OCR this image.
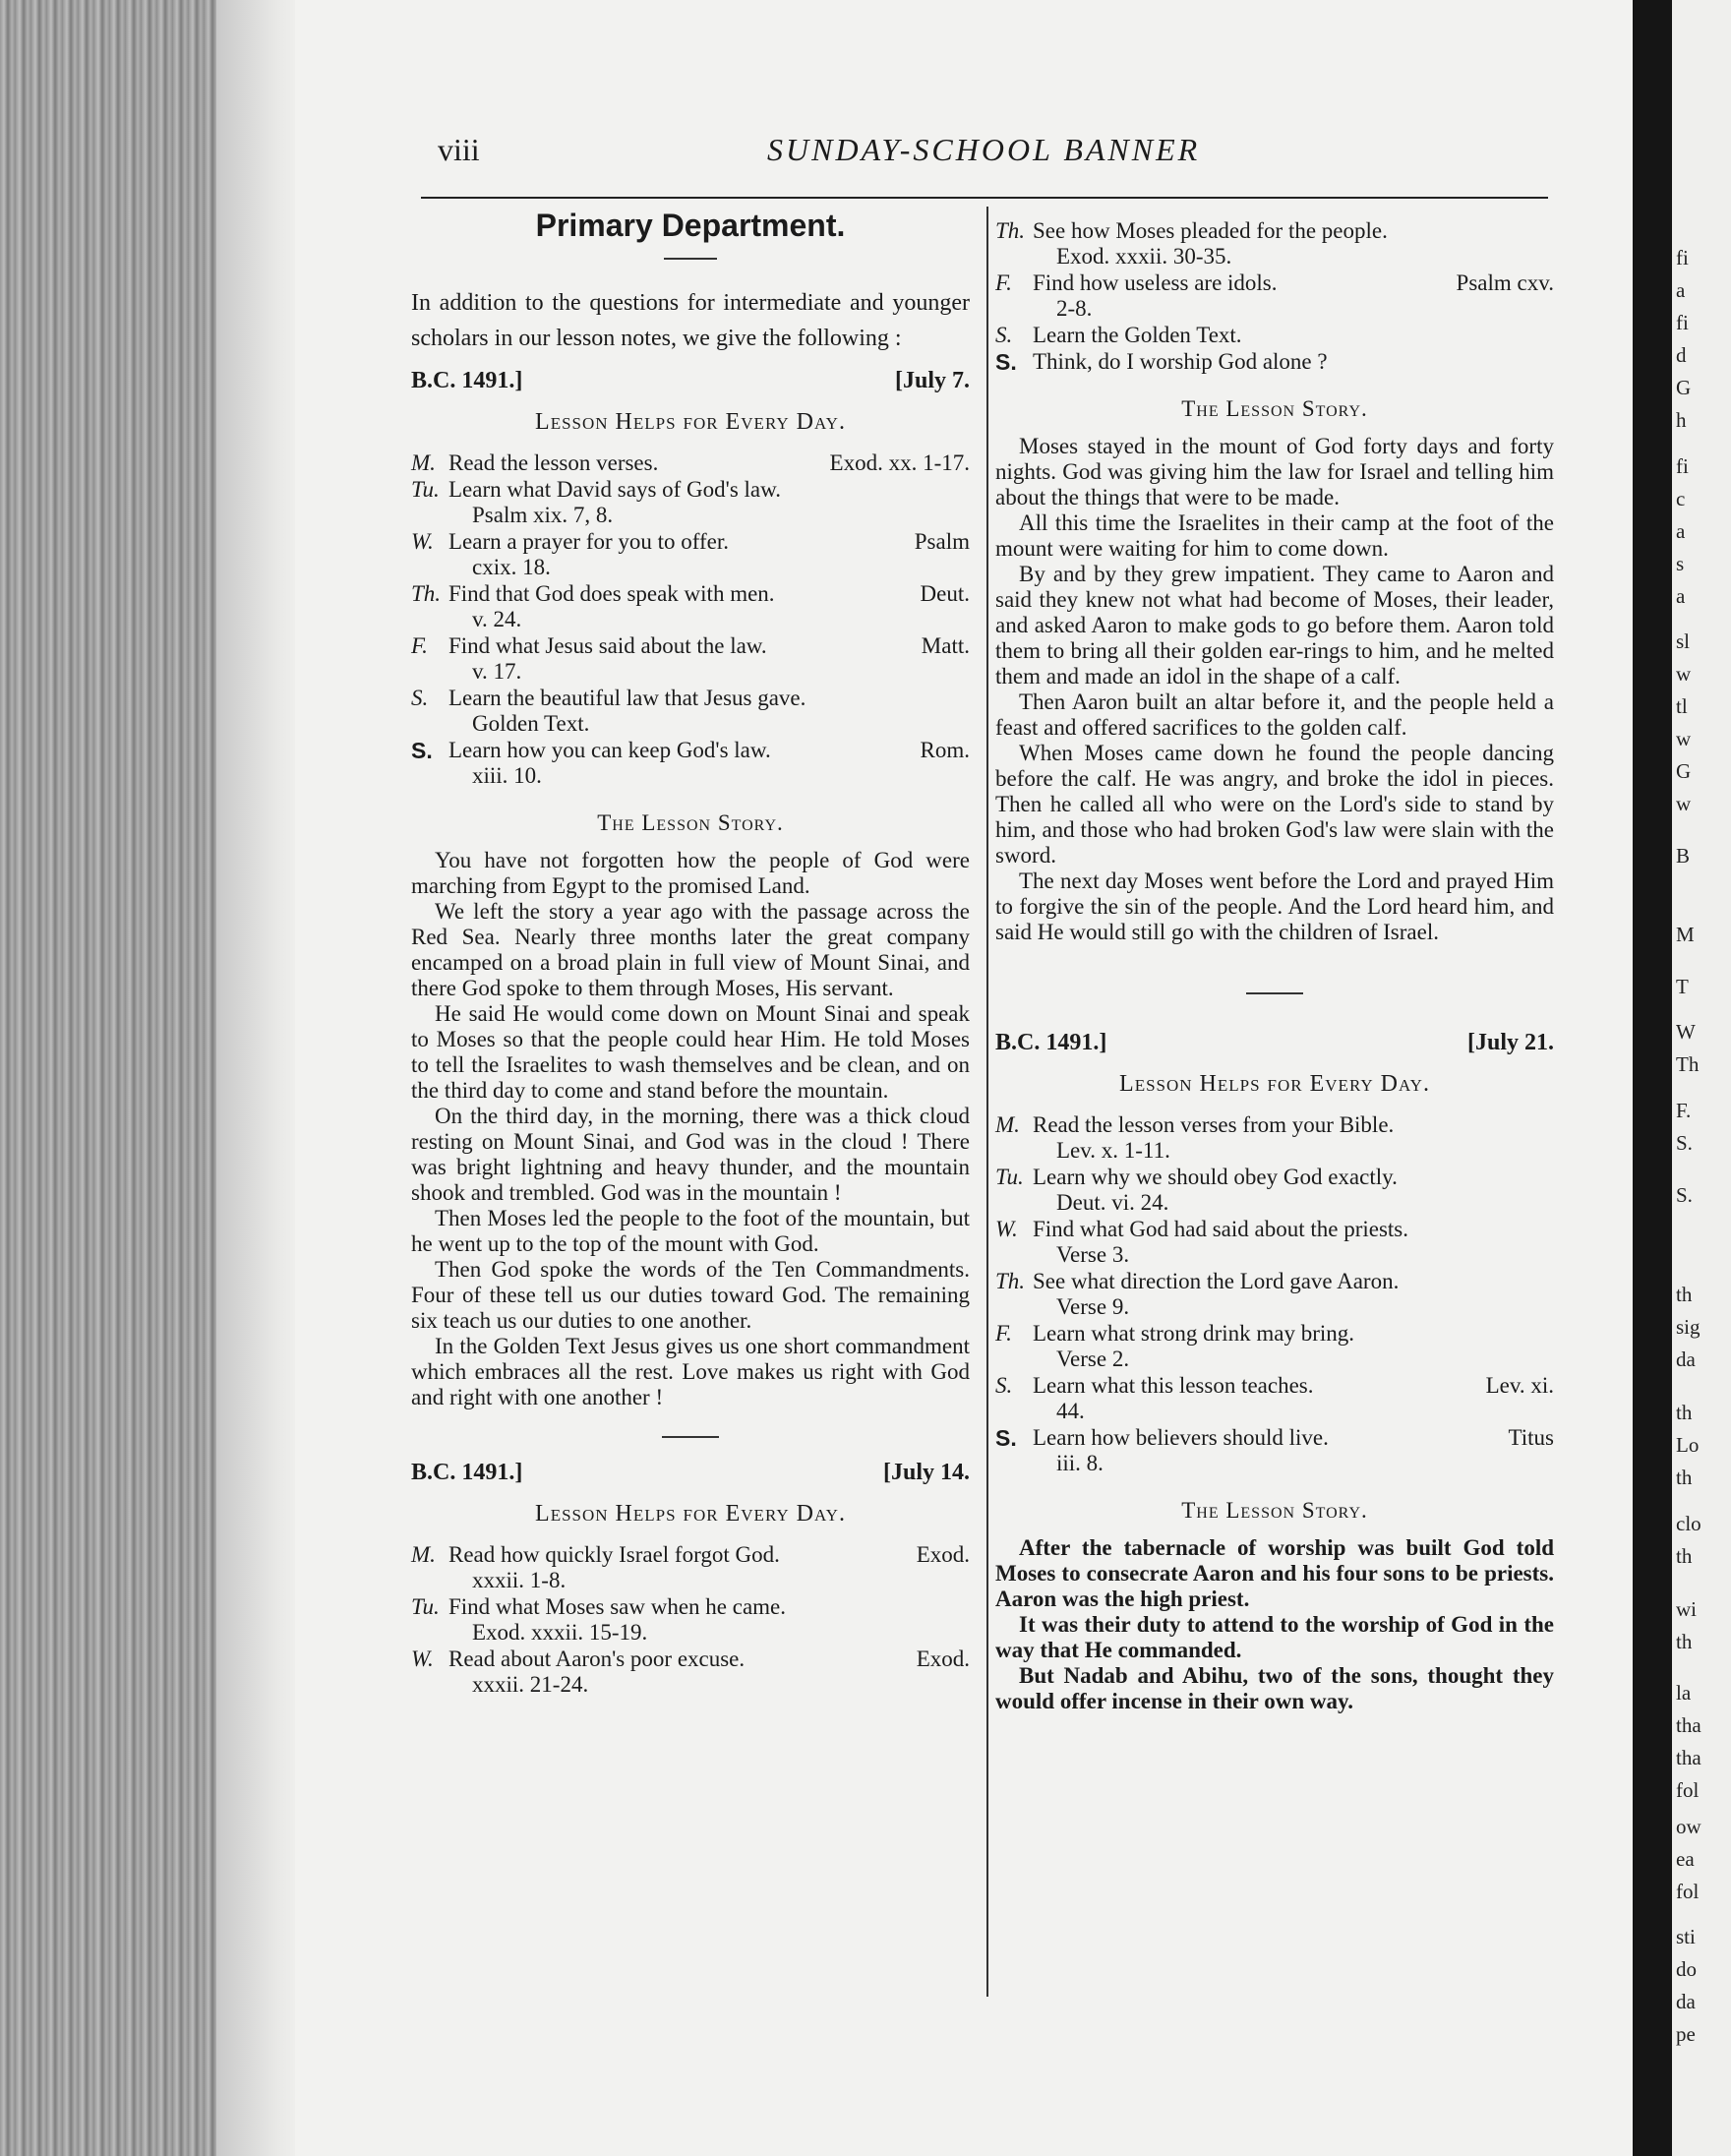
fi
a
fi
d
G
h
fi
c
a
s
a
sl
w
tl
w
G
w
B
M
T
W
Th
F.
S.
S.
th
sig
da
th
Lo
th
clo
th
wi
th
la
tha
tha
fol
ow
ea
fol
sti
do
da
pe
viii	SUNDAY-SCHOOL BANNER
Primary Department.

In addition to the questions for intermediate and younger scholars in our lesson notes, we give the following :

B.C. 1491.]	[July 7.
Lesson Helps for Every Day.
M. Read the lesson verses.	Exod. xx. 1-17.
Tu. Learn what David says of God's law.
Psalm xix. 7, 8.
W. Learn a prayer for you to offer.	Psalm
cxix. 18.
Th. Find that God does speak with men.	Deut.
v. 24.
F. Find what Jesus said about the law.	Matt.
v. 17.
S. Learn the beautiful law that Jesus gave.
Golden Text.
S. Learn how you can keep God's law.	Rom.
xiii. 10.
The Lesson Story.

You have not forgotten how the people of God were marching from Egypt to the promised Land.

We left the story a year ago with the passage across the Red Sea. Nearly three months later the great company encamped on a broad plain in full view of Mount Sinai, and there God spoke to them through Moses, His servant.

He said He would come down on Mount Sinai and speak to Moses so that the people could hear Him. He told Moses to tell the Israelites to wash themselves and be clean, and on the third day to come and stand before the mountain.

On the third day, in the morning, there was a thick cloud resting on Mount Sinai, and God was in the cloud ! There was bright lightning and heavy thunder, and the mountain shook and trembled. God was in the mountain !

Then Moses led the people to the foot of the mountain, but he went up to the top of the mount with God.

Then God spoke the words of the Ten Commandments. Four of these tell us our duties toward God. The remaining six teach us our duties to one another.

In the Golden Text Jesus gives us one short commandment which embraces all the rest. Love makes us right with God and right with one another !

B.C. 1491.]	[July 14.
Lesson Helps for Every Day.
M. Read how quickly Israel forgot God.	Exod.
xxxii. 1-8.
Tu. Find what Moses saw when he came.
Exod. xxxii. 15-19.
W. Read about Aaron's poor excuse.	Exod.
xxxii. 21-24.
Th. See how Moses pleaded for the people.
Exod. xxxii. 30-35.
F. Find how useless are idols.	Psalm cxv.
2-8.
S. Learn the Golden Text.
S. Think, do I worship God alone ?
The Lesson Story.

Moses stayed in the mount of God forty days and forty nights. God was giving him the law for Israel and telling him about the things that were to be made.

All this time the Israelites in their camp at the foot of the mount were waiting for him to come down.

By and by they grew impatient. They came to Aaron and said they knew not what had become of Moses, their leader, and asked Aaron to make gods to go before them. Aaron told them to bring all their golden ear-rings to him, and he melted them and made an idol in the shape of a calf.

Then Aaron built an altar before it, and the people held a feast and offered sacrifices to the golden calf.

When Moses came down he found the people dancing before the calf. He was angry, and broke the idol in pieces. Then he called all who were on the Lord's side to stand by him, and those who had broken God's law were slain with the sword.

The next day Moses went before the Lord and prayed Him to forgive the sin of the people. And the Lord heard him, and said He would still go with the children of Israel.

B.C. 1491.]	[July 21.
Lesson Helps for Every Day.
M. Read the lesson verses from your Bible.
Lev. x. 1-11.
Tu. Learn why we should obey God exactly.
Deut. vi. 24.
W. Find what God had said about the priests.
Verse 3.
Th. See what direction the Lord gave Aaron.
Verse 9.
F. Learn what strong drink may bring.
Verse 2.
S. Learn what this lesson teaches.	Lev. xi.
44.
S. Learn how believers should live.	Titus
iii. 8.
The Lesson Story.

After the tabernacle of worship was built God told Moses to consecrate Aaron and his four sons to be priests. Aaron was the high priest.

It was their duty to attend to the worship of God in the way that He commanded.

But Nadab and Abihu, two of the sons, thought they would offer incense in their own way.
